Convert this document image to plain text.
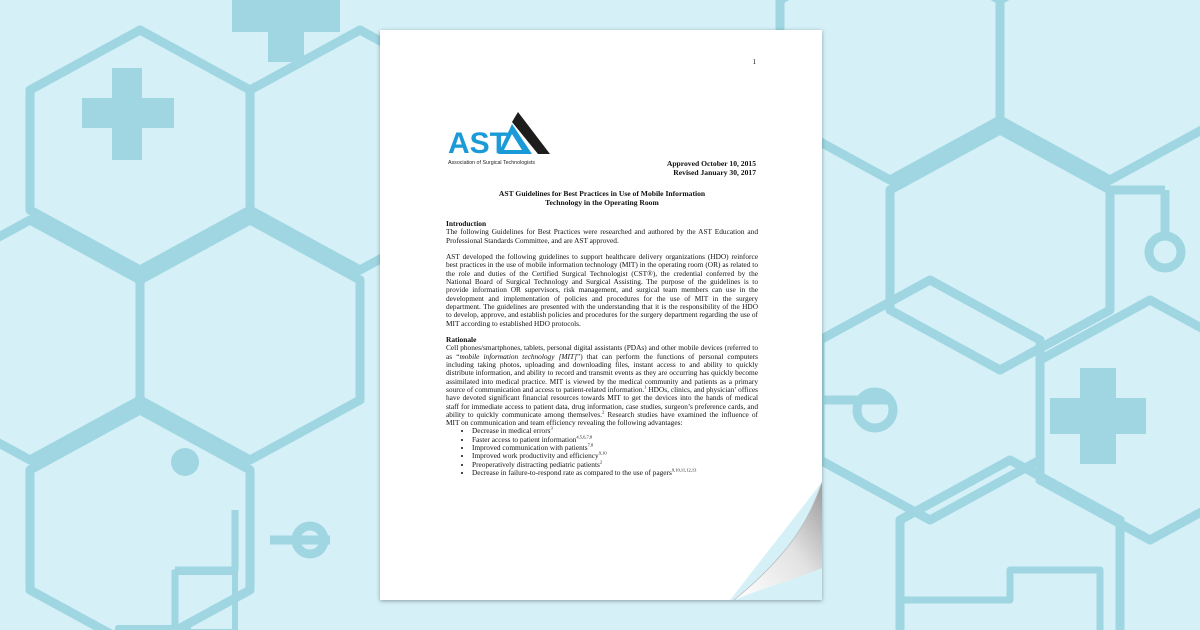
1
AST
Association of Surgical Technologists	Approved October 10, 2015
Revised January 30, 2017
AST Guidelines for Best Practices in Use of Mobile Information
Technology in the Operating Room
Introduction

The following Guidelines for Best Practices were researched and authored by the AST Education and Professional Standards Committee, and are AST approved.

AST developed the following guidelines to support healthcare delivery organizations (HDO) reinforce best practices in the use of mobile information technology (MIT) in the operating room (OR) as related to the role and duties of the Certified Surgical Technologist (CST®), the credential conferred by the National Board of Surgical Technology and Surgical Assisting. The purpose of the guidelines is to provide information OR supervisors, risk management, and surgical team members can use in the development and implementation of policies and procedures for the use of MIT in the surgery department. The guidelines are presented with the understanding that it is the responsibility of the HDO to develop, approve, and establish policies and procedures for the surgery department regarding the use of MIT according to established HDO protocols.

Rationale

Cell phones/smartphones, tablets, personal digital assistants (PDAs) and other mobile devices (referred to as “mobile information technology [MIT]”) that can perform the functions of personal computers including taking photos, uploading and downloading files, instant access to and ability to quickly distribute information, and ability to record and transmit events as they are occurring has quickly become assimilated into medical practice. MIT is viewed by the medical community and patients as a primary source of communication and access to patient-related information.$^1$ HDOs, clinics, and physician’ offices have devoted significant financial resources towards MIT to get the devices into the hands of medical staff for immediate access to patient data, drug information, case studies, surgeon’s preference cards, and ability to quickly communicate among themselves.$^2$ Research studies have examined the influence of MIT on communication and team efficiency revealing the following advantages:

• Decrease in medical errors$^3$
• Faster access to patient information$^{4,5,6,7,8}$
• Improved communication with patients$^{7,8}$
• Improved work productivity and efficiency$^{9,10}$
• Preoperatively distracting pediatric patients$^2$
• Decrease in failure-to-respond rate as compared to the use of pagers$^{9,10,11,12,13}$
